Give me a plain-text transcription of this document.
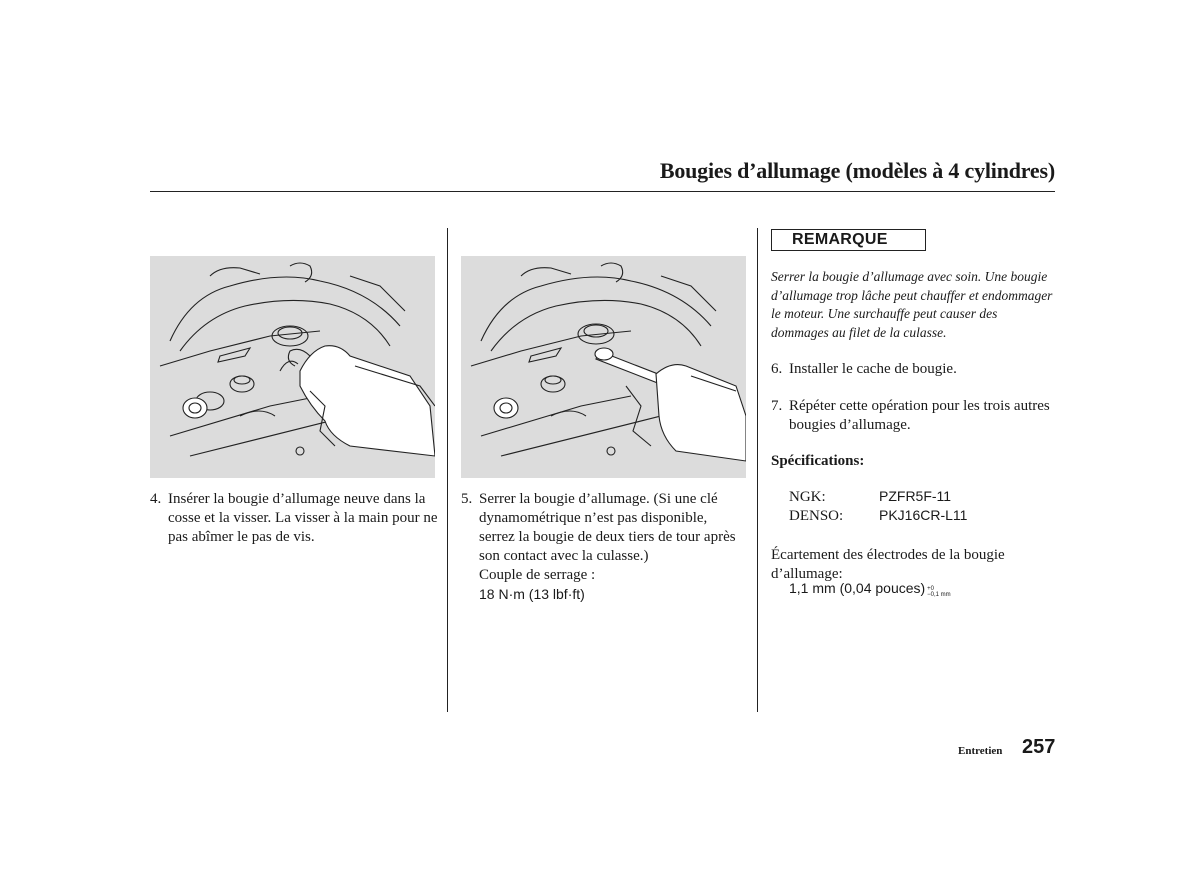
Bougies d’allumage (modèles à 4 cylindres)
4. Insérer la bougie d’allumage neuve dans la cosse et la visser. La visser à la main pour ne pas abîmer le pas de vis.
5. Serrer la bougie d’allumage. (Si une clé dynamométrique n’est pas disponible, serrez la bougie de deux tiers de tour après son contact avec la culasse.)
Couple de serrage :
18 N·m (13 lbf·ft)
REMARQUE
Serrer la bougie d’allumage avec soin. Une bougie d’allumage trop lâche peut chauffer et endommager le moteur. Une surchauffe peut causer des dommages au filet de la culasse.
6. Installer le cache de bougie.
7. Répéter cette opération pour les trois autres bougies d’allumage.
Spécifications:
NGK:	PZFR5F-11
DENSO:	PKJ16CR-L11
Écartement des électrodes de la bougie d’allumage:
1,1 mm (0,04 pouces) +0
−0,1 mm
Entretien 257
